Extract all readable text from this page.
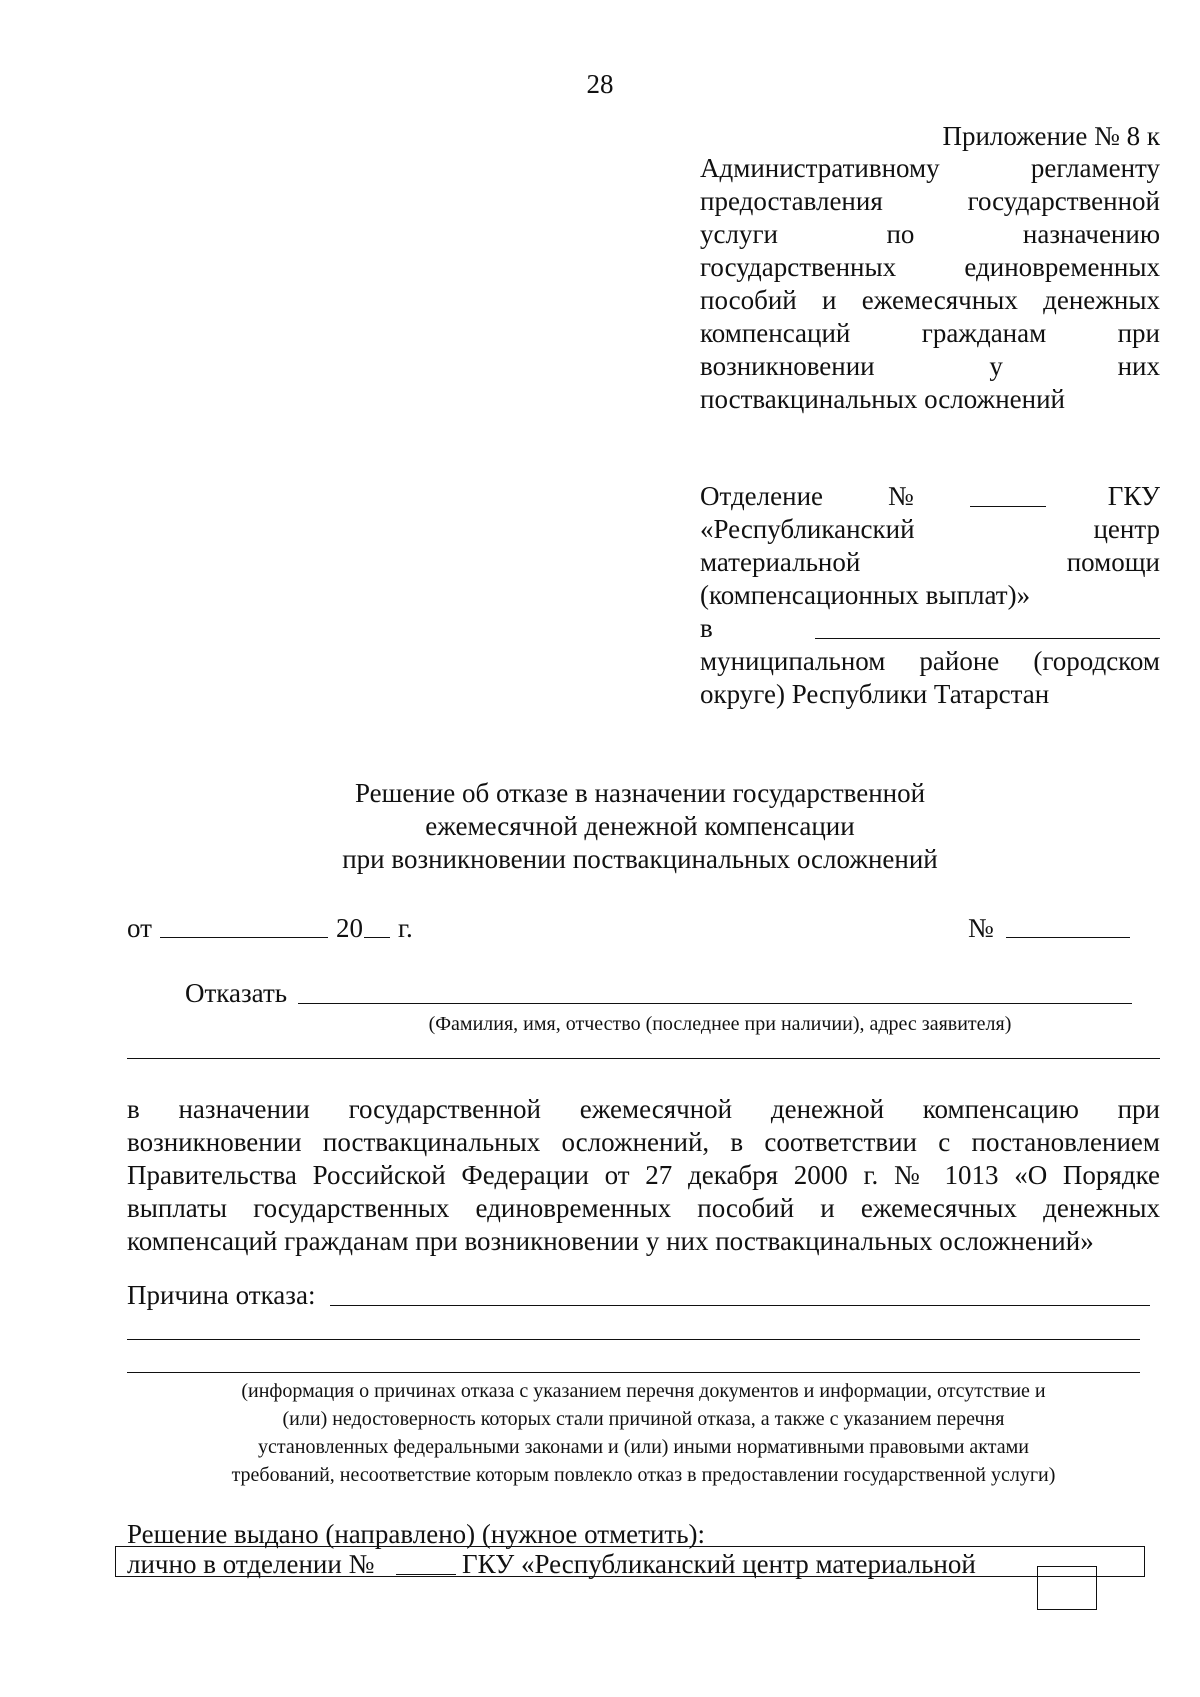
28
Приложение № 8 к
Административному регламенту
предоставления государственной
услуги по назначению
государственных единовременных
пособий и ежемесячных денежных
компенсаций гражданам при
возникновении у них
поствакцинальных осложнений
Отделение №	ГКУ
«Республиканский	центр
материальной	помощи
(компенсационных выплат)»
в
муниципальном районе (городском
округе) Республики Татарстан
Решение об отказе в назначении государственной
ежемесячной денежной компенсации
при возникновении поствакцинальных осложнений
от	20 г.	№
Отказать
(Фамилия, имя, отчество (последнее при наличии), адрес заявителя)
в назначении государственной ежемесячной денежной компенсацию при
возникновении поствакцинальных осложнений, в соответствии с постановлением
Правительства Российской Федерации от 27 декабря 2000 г. № 1013 «О Порядке
выплаты государственных единовременных пособий и ежемесячных денежных
компенсаций гражданам при возникновении у них поствакцинальных осложнений»
Причина отказа:
(информация о причинах отказа с указанием перечня документов и информации, отсутствие и
(или) недостоверность которых стали причиной отказа, а также с указанием перечня
установленных федеральными законами и (или) иными нормативными правовыми актами
требований, несоответствие которым повлекло отказ в предоставлении государственной услуги)
Решение выдано (направлено) (нужное отметить):
лично в отделении №	ГКУ «Республиканский центр материальной
